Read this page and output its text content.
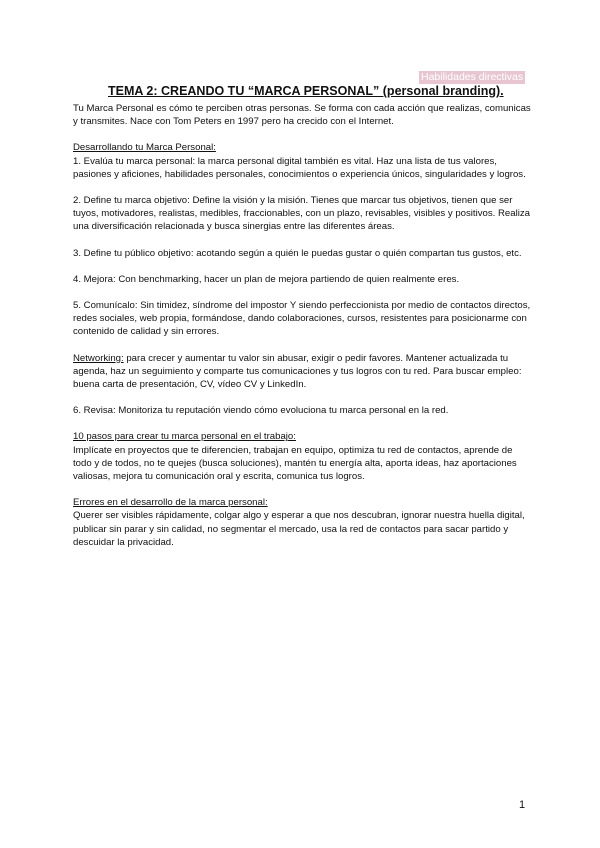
Habilidades directivas
TEMA 2: CREANDO TU “MARCA PERSONAL” (personal branding).

Tu Marca Personal es cómo te perciben otras personas. Se forma con cada acción que realizas, comunicas y transmites. Nace con Tom Peters en 1997 pero ha crecido con el Internet.

Desarrollando tu Marca Personal:

1. Evalúa tu marca personal: la marca personal digital también es vital. Haz una lista de tus valores, pasiones y aficiones, habilidades personales, conocimientos o experiencia únicos, singularidades y logros.

2. Define tu marca objetivo: Define la visión y la misión. Tienes que marcar tus objetivos, tienen que ser tuyos, motivadores, realistas, medibles, fraccionables, con un plazo, revisables, visibles y positivos. Realiza una diversificación relacionada y busca sinergias entre las diferentes áreas.

3. Define tu público objetivo: acotando según a quién le puedas gustar o quién compartan tus gustos, etc.

4. Mejora: Con benchmarking, hacer un plan de mejora partiendo de quien realmente eres.

5. Comunícalo: Sin timidez, síndrome del impostor Y siendo perfeccionista por medio de contactos directos, redes sociales, web propia, formándose, dando colaboraciones, cursos, resistentes para posicionarme con contenido de calidad y sin errores.

Networking: para crecer y aumentar tu valor sin abusar, exigir o pedir favores. Mantener actualizada tu agenda, haz un seguimiento y comparte tus comunicaciones y tus logros con tu red. Para buscar empleo: buena carta de presentación, CV, vídeo CV y LinkedIn.

6. Revisa: Monitoriza tu reputación viendo cómo evoluciona tu marca personal en la red.

10 pasos para crear tu marca personal en el trabajo:

Implícate en proyectos que te diferencien, trabajan en equipo, optimiza tu red de contactos, aprende de todo y de todos, no te quejes (busca soluciones), mantén tu energía alta, aporta ideas, haz aportaciones valiosas, mejora tu comunicación oral y escrita, comunica tus logros.

Errores en el desarrollo de la marca personal:

Querer ser visibles rápidamente, colgar algo y esperar a que nos descubran, ignorar nuestra huella digital, publicar sin parar y sin calidad, no segmentar el mercado, usa la red de contactos para sacar partido y descuidar la privacidad.

1
